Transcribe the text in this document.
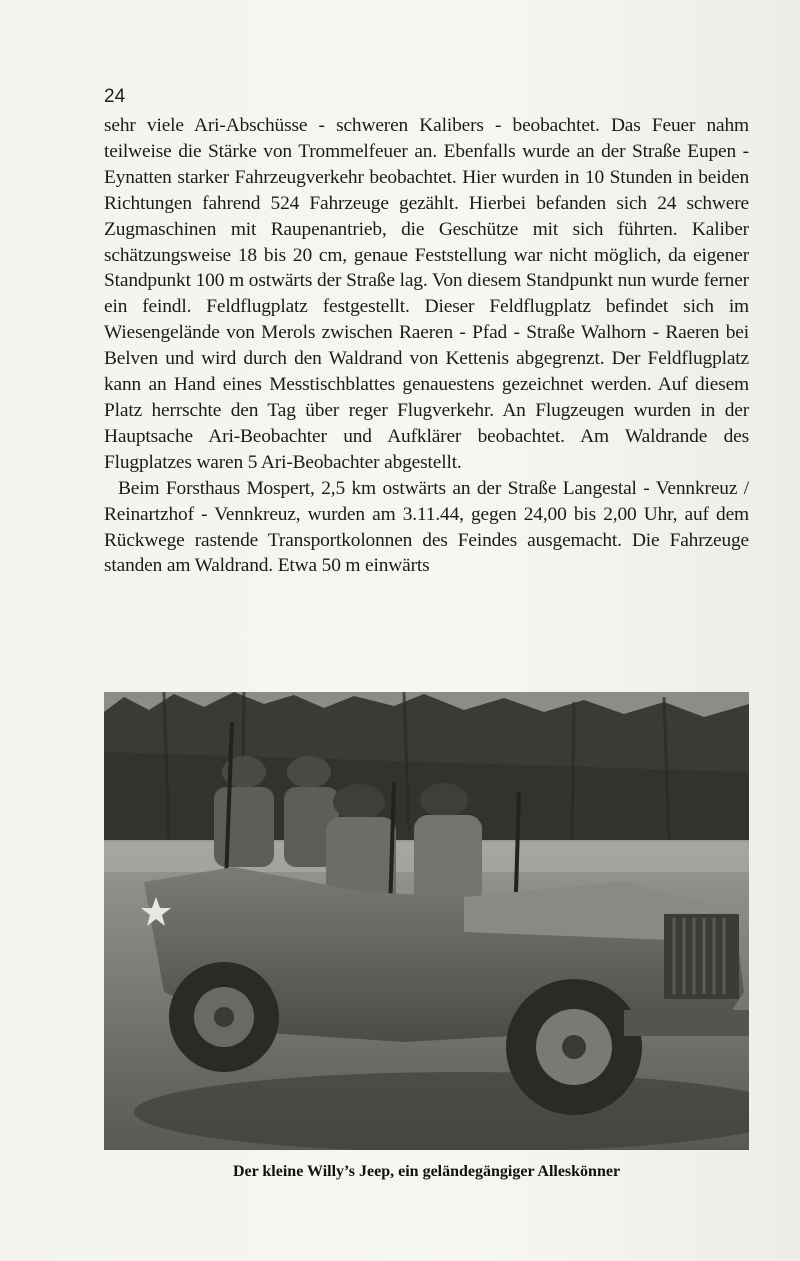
24

sehr viele Ari-Abschüsse - schweren Kalibers - beobachtet. Das Feuer nahm teilweise die Stärke von Trommelfeuer an. Ebenfalls wurde an der Straße Eupen - Eynatten starker Fahrzeugverkehr beobachtet. Hier wurden in 10 Stunden in beiden Richtungen fahrend 524 Fahrzeuge gezählt. Hierbei befanden sich 24 schwere Zugmaschinen mit Raupenantrieb, die Geschütze mit sich führten. Kaliber schätzungsweise 18 bis 20 cm, genaue Feststellung war nicht möglich, da eigener Standpunkt 100 m ostwärts der Straße lag. Von diesem Standpunkt nun wurde ferner ein feindl. Feldflugplatz festgestellt. Dieser Feldflugplatz befindet sich im Wiesengelände von Merols zwischen Raeren - Pfad - Straße Walhorn - Raeren bei Belven und wird durch den Waldrand von Kettenis abgegrenzt. Der Feldflugplatz kann an Hand eines Messtischblattes genauestens gezeichnet werden. Auf diesem Platz herrschte den Tag über reger Flugverkehr. An Flugzeugen wurden in der Hauptsache Ari-Beobachter und Aufklärer beobachtet. Am Waldrande des Flugplatzes waren 5 Ari-Beobachter abgestellt.

Beim Forsthaus Mospert, 2,5 km ostwärts an der Straße Langestal - Vennkreuz / Reinartzhof - Vennkreuz, wurden am 3.11.44, gegen 24,00 bis 2,00 Uhr, auf dem Rückwege rastende Transportkolonnen des Feindes ausgemacht. Die Fahrzeuge standen am Waldrand. Etwa 50 m einwärts

Der kleine Willy’s Jeep, ein geländegängiger Alleskönner
